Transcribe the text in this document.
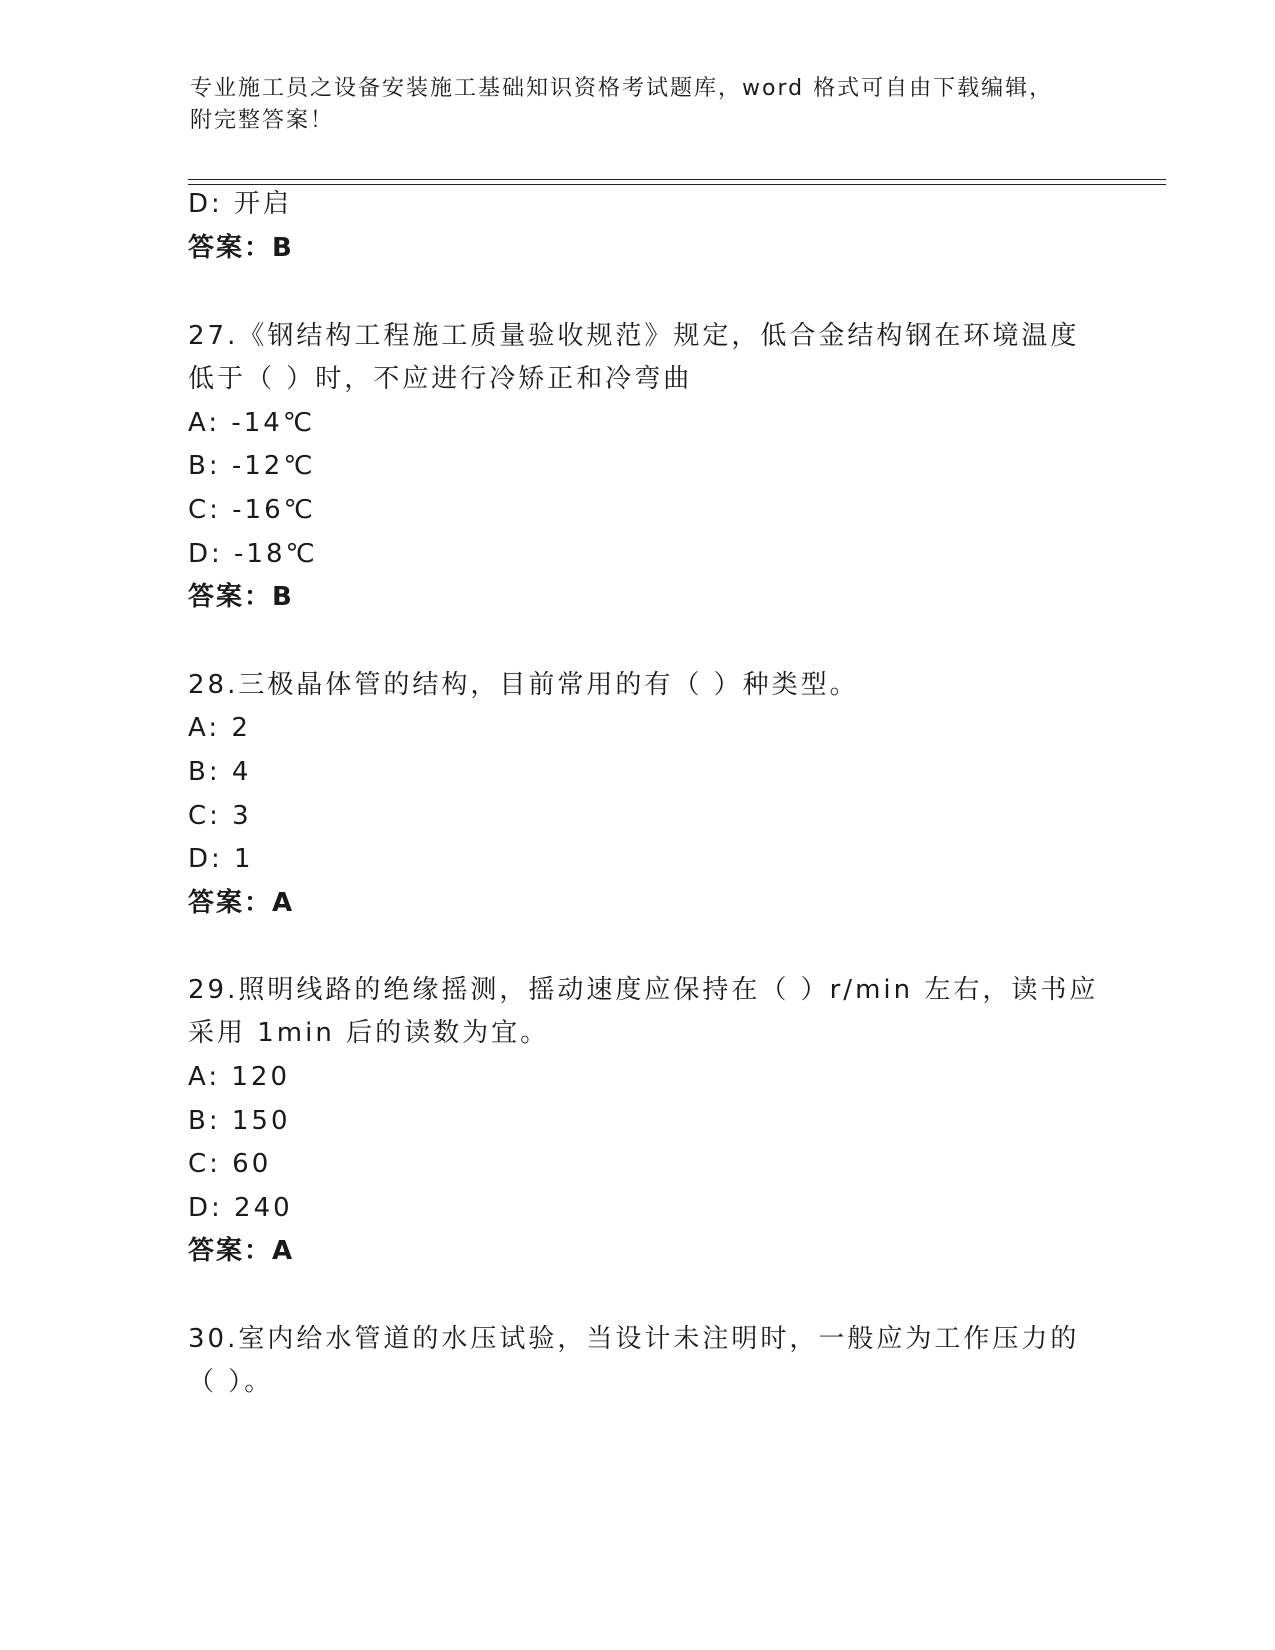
专业施工员之设备安装施工基础知识资格考试题库，word 格式可自由下载编辑，
附完整答案！
D: 开启
答案：B
27.《钢结构工程施工质量验收规范》规定，低合金结构钢在环境温度
低于（ ）时，不应进行冷矫正和冷弯曲
A: -14℃
B: -12℃
C: -16℃
D: -18℃
答案：B
28.三极晶体管的结构，目前常用的有（ ）种类型。
A: 2
B: 4
C: 3
D: 1
答案：A
29.照明线路的绝缘摇测，摇动速度应保持在（ ）r/min 左右，读书应
采用 1min 后的读数为宜。
A: 120
B: 150
C: 60
D: 240
答案：A
30.室内给水管道的水压试验，当设计未注明时，一般应为工作压力的
（ ）。
